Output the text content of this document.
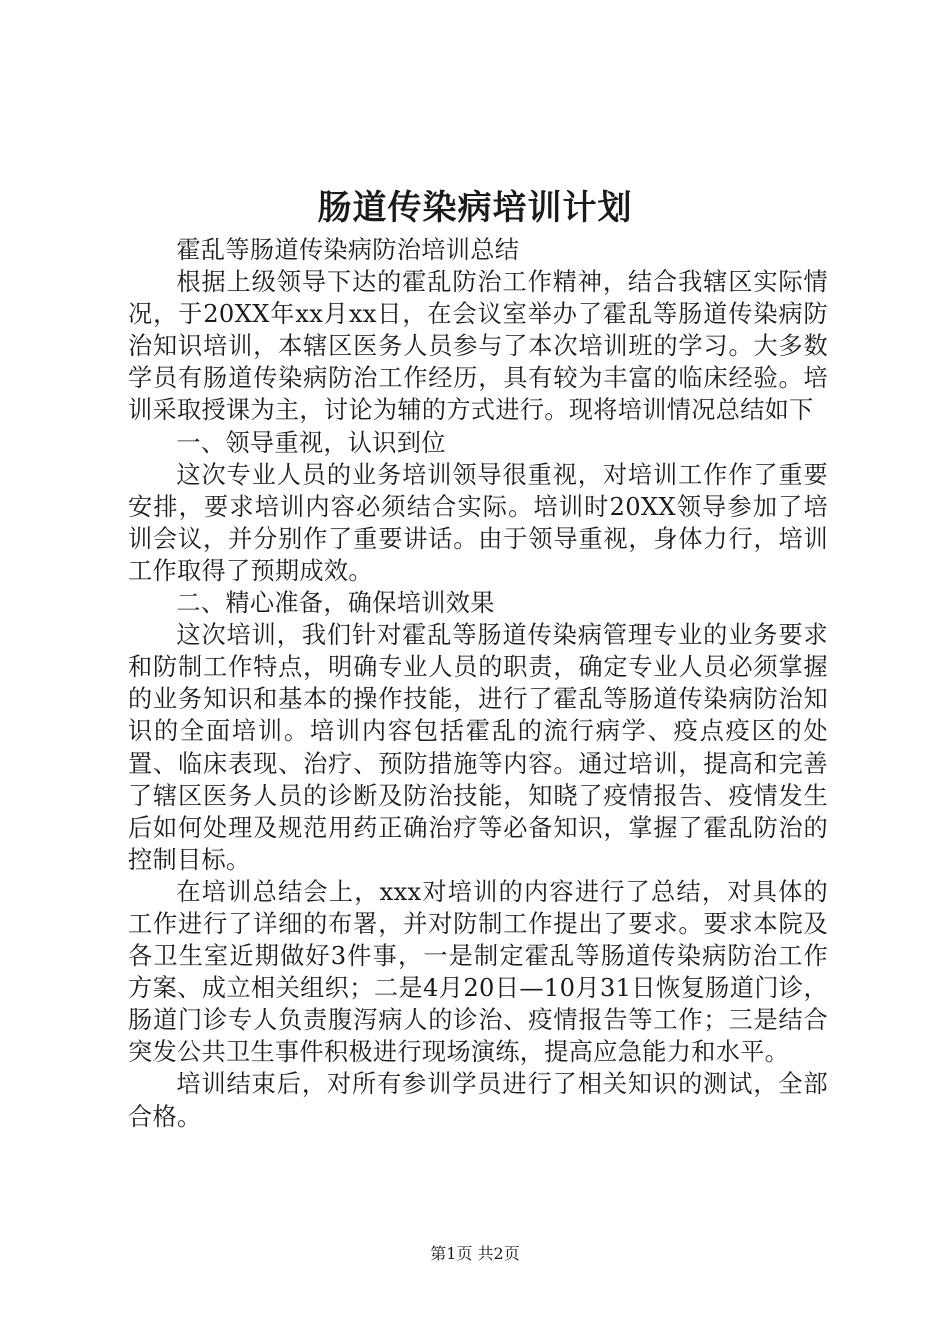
肠道传染病培训计划

霍乱等肠道传染病防治培训总结

根据上级领导下达的霍乱防治工作精神，结合我辖区实际情况，于20XX年xx月xx日，在会议室举办了霍乱等肠道传染病防治知识培训，本辖区医务人员参与了本次培训班的学习。大多数学员有肠道传染病防治工作经历，具有较为丰富的临床经验。培训采取授课为主，讨论为辅的方式进行。现将培训情况总结如下

一、领导重视，认识到位

这次专业人员的业务培训领导很重视，对培训工作作了重要安排，要求培训内容必须结合实际。培训时20XX领导参加了培训会议，并分别作了重要讲话。由于领导重视，身体力行，培训工作取得了预期成效。

二、精心准备，确保培训效果

这次培训，我们针对霍乱等肠道传染病管理专业的业务要求和防制工作特点，明确专业人员的职责，确定专业人员必须掌握的业务知识和基本的操作技能，进行了霍乱等肠道传染病防治知识的全面培训。培训内容包括霍乱的流行病学、疫点疫区的处置、临床表现、治疗、预防措施等内容。通过培训，提高和完善了辖区医务人员的诊断及防治技能，知晓了疫情报告、疫情发生后如何处理及规范用药正确治疗等必备知识，掌握了霍乱防治的控制目标。

在培训总结会上，xxx对培训的内容进行了总结，对具体的工作进行了详细的布署，并对防制工作提出了要求。要求本院及各卫生室近期做好3件事，一是制定霍乱等肠道传染病防治工作方案、成立相关组织；二是4月20日—10月31日恢复肠道门诊，肠道门诊专人负责腹泻病人的诊治、疫情报告等工作；三是结合突发公共卫生事件积极进行现场演练，提高应急能力和水平。

培训结束后，对所有参训学员进行了相关知识的测试，全部合格。

第1页 共2页
